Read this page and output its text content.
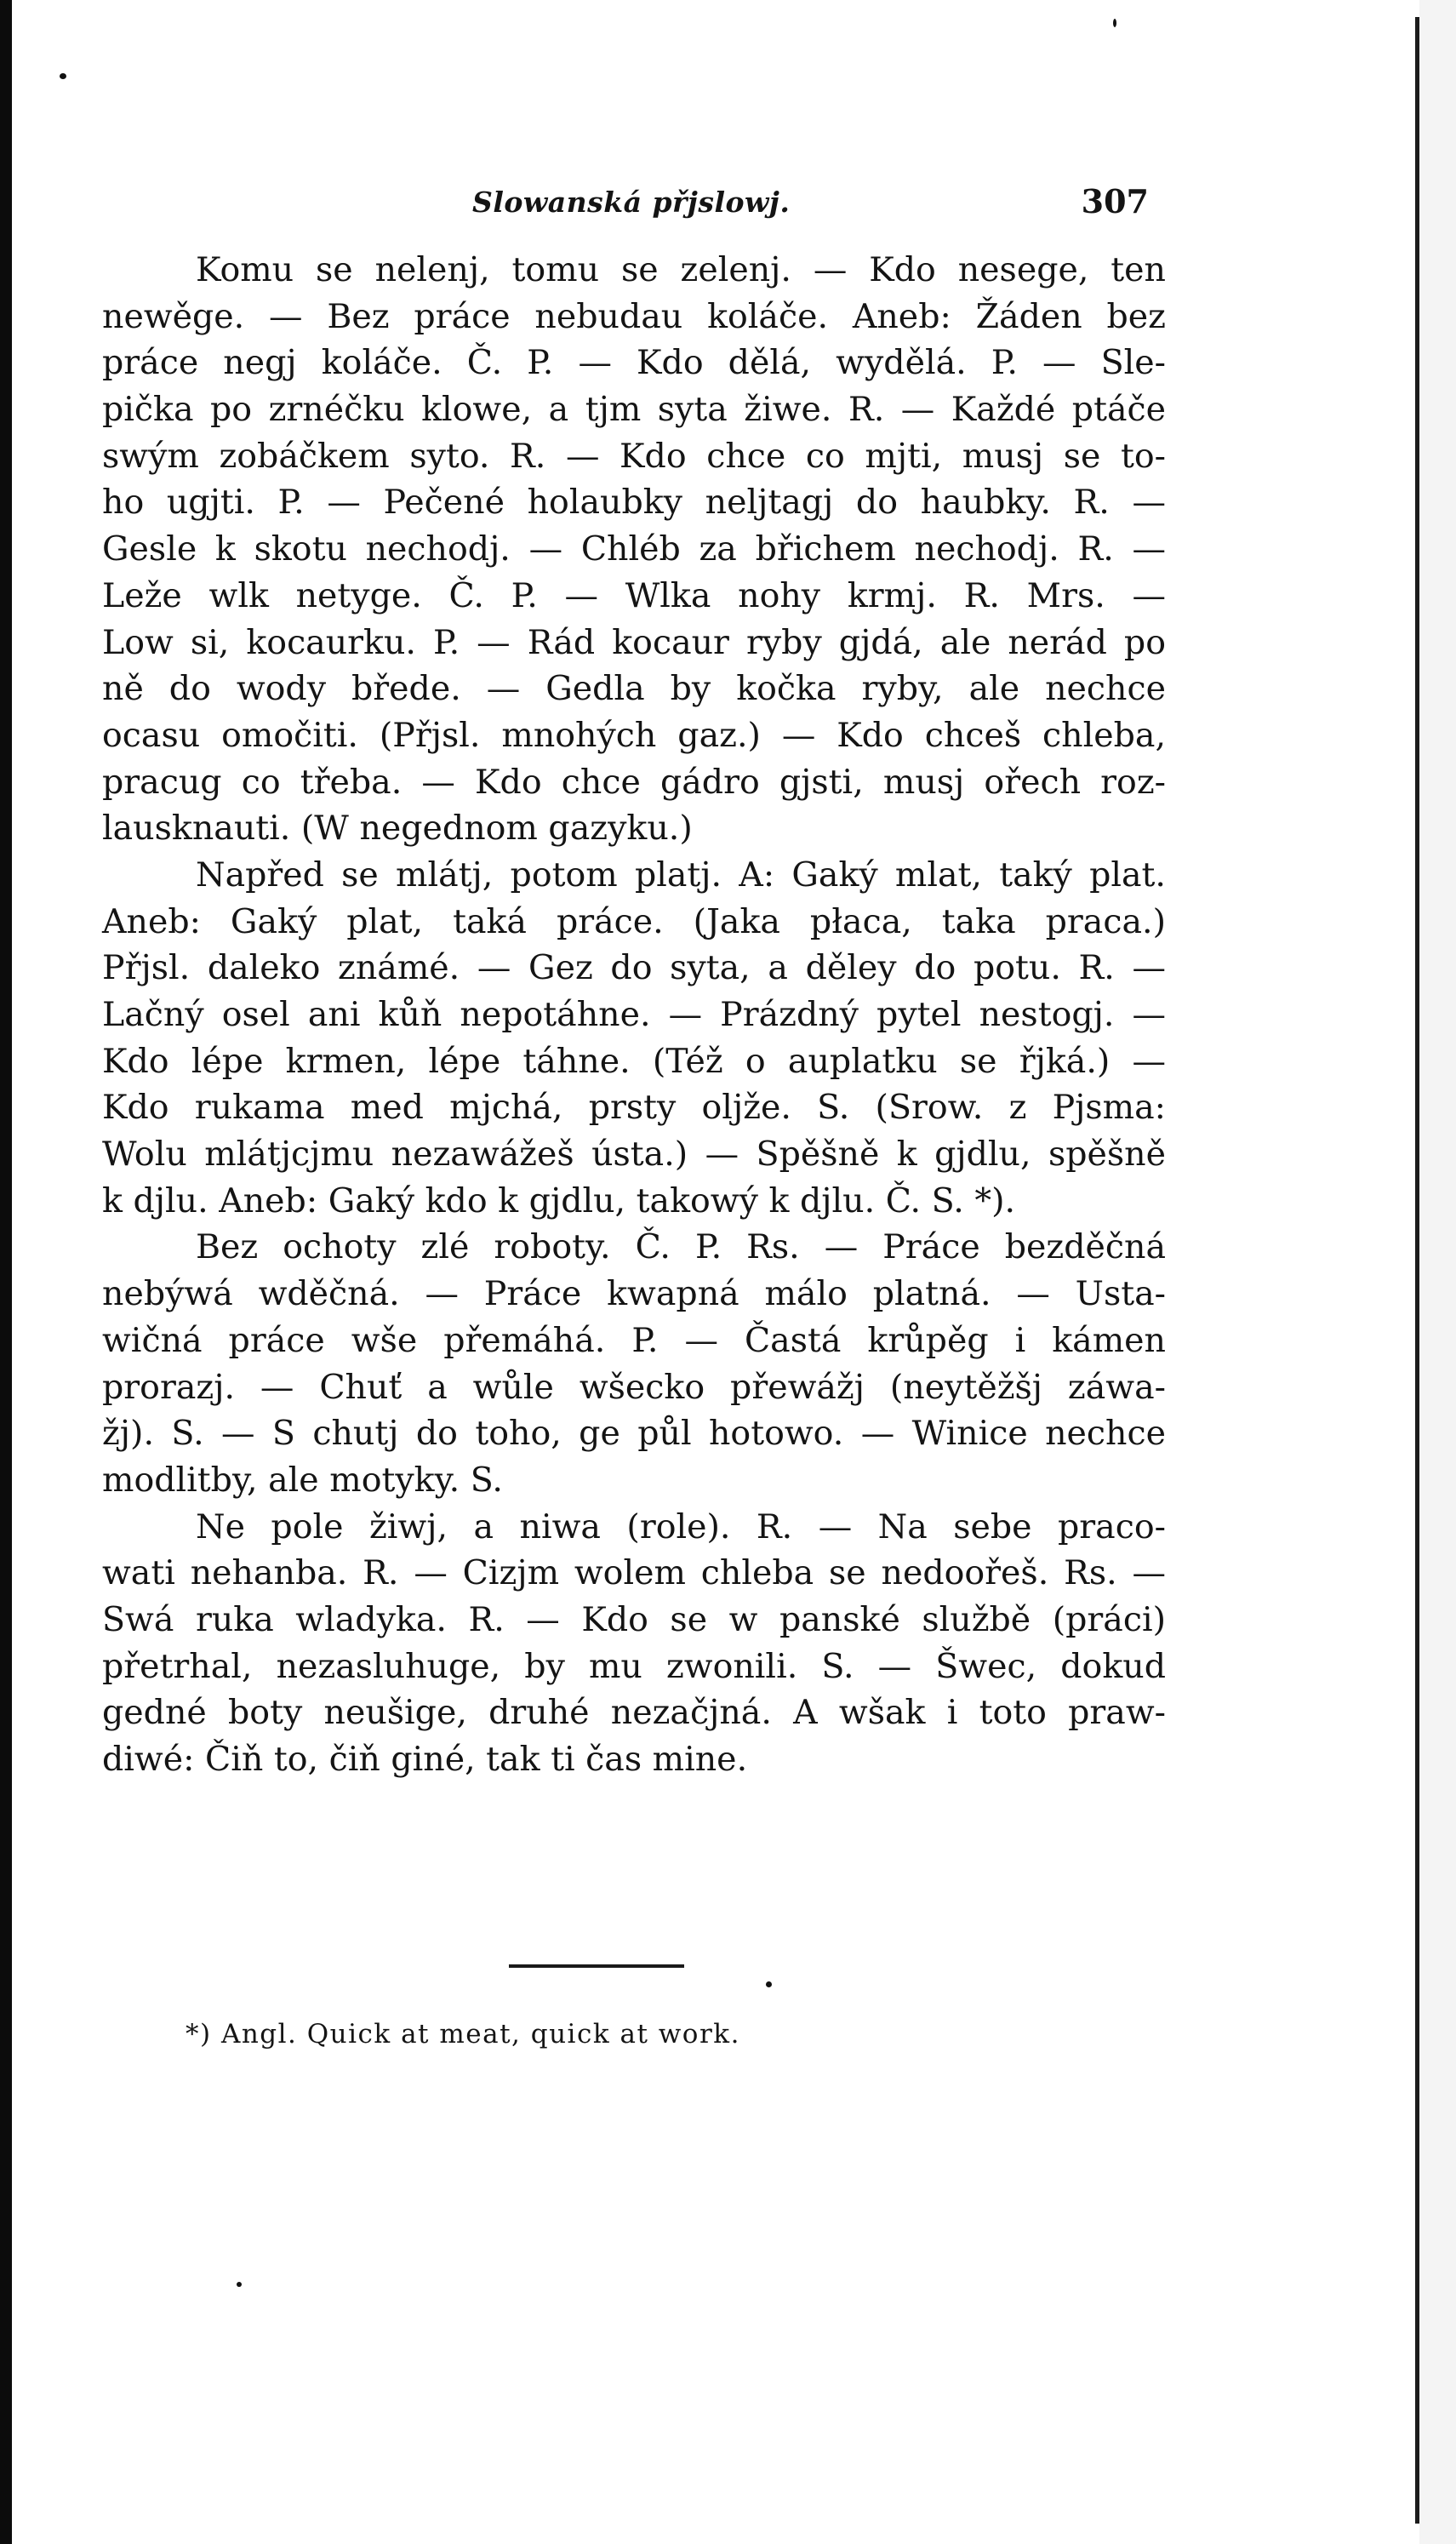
Slowanská přjslowj.	307
Komu se nelenj, tomu se zelenj. — Kdo nesege, ten
newěge. — Bez práce nebudau koláče. Aneb: Žáden bez
práce negj koláče. Č. P. — Kdo dělá, wydělá. P. — Sle-
pička po zrnéčku klowe, a tjm syta žiwe. R. — Každé ptáče
swým zobáčkem syto. R. — Kdo chce co mjti, musj se to-
ho ugjti. P. — Pečené holaubky neljtagj do haubky. R. —
Gesle k skotu nechodj. — Chléb za břichem nechodj. R. —
Leže wlk netyge. Č. P. — Wlka nohy krmj. R. Mrs. —
Low si, kocaurku. P. — Rád kocaur ryby gjdá, ale nerád po
ně do wody břede. — Gedla by kočka ryby, ale nechce
ocasu omočiti. (Přjsl. mnohých gaz.) — Kdo chceš chleba,
pracug co třeba. — Kdo chce gádro gjsti, musj ořech roz-
lausknauti. (W negednom gazyku.)
Napřed se mlátj, potom platj. A: Gaký mlat, taký plat.
Aneb: Gaký plat, taká práce. (Jaka płaca, taka praca.)
Přjsl. daleko známé. — Gez do syta, a děley do potu. R. —
Lačný osel ani kůň nepotáhne. — Prázdný pytel nestogj. —
Kdo lépe krmen, lépe táhne. (Též o auplatku se řjká.) —
Kdo rukama med mjchá, prsty oljže. S. (Srow. z Pjsma:
Wolu mlátjcjmu nezawážeš ústa.) — Spěšně k gjdlu, spěšně
k djlu. Aneb: Gaký kdo k gjdlu, takowý k djlu. Č. S. *).
Bez ochoty zlé roboty. Č. P. Rs. — Práce bezděčná
nebýwá wděčná. — Práce kwapná málo platná. — Usta-
wičná práce wše přemáhá. P. — Častá krůpěg i kámen
prorazj. — Chuť a wůle wšecko přewážj (neytěžšj záwa-
žj). S. — S chutj do toho, ge půl hotowo. — Winice nechce
modlitby, ale motyky. S.
Ne pole žiwj, a niwa (role). R. — Na sebe praco-
wati nehanba. R. — Cizjm wolem chleba se nedoořeš. Rs. —
Swá ruka wladyka. R. — Kdo se w panské službě (práci)
přetrhal, nezasluhuge, by mu zwonili. S. — Šwec, dokud
gedné boty neušige, druhé nezačjná. A wšak i toto praw-
diwé: Čiň to, čiň giné, tak ti čas mine.
*) Angl. Quick at meat, quick at work.
